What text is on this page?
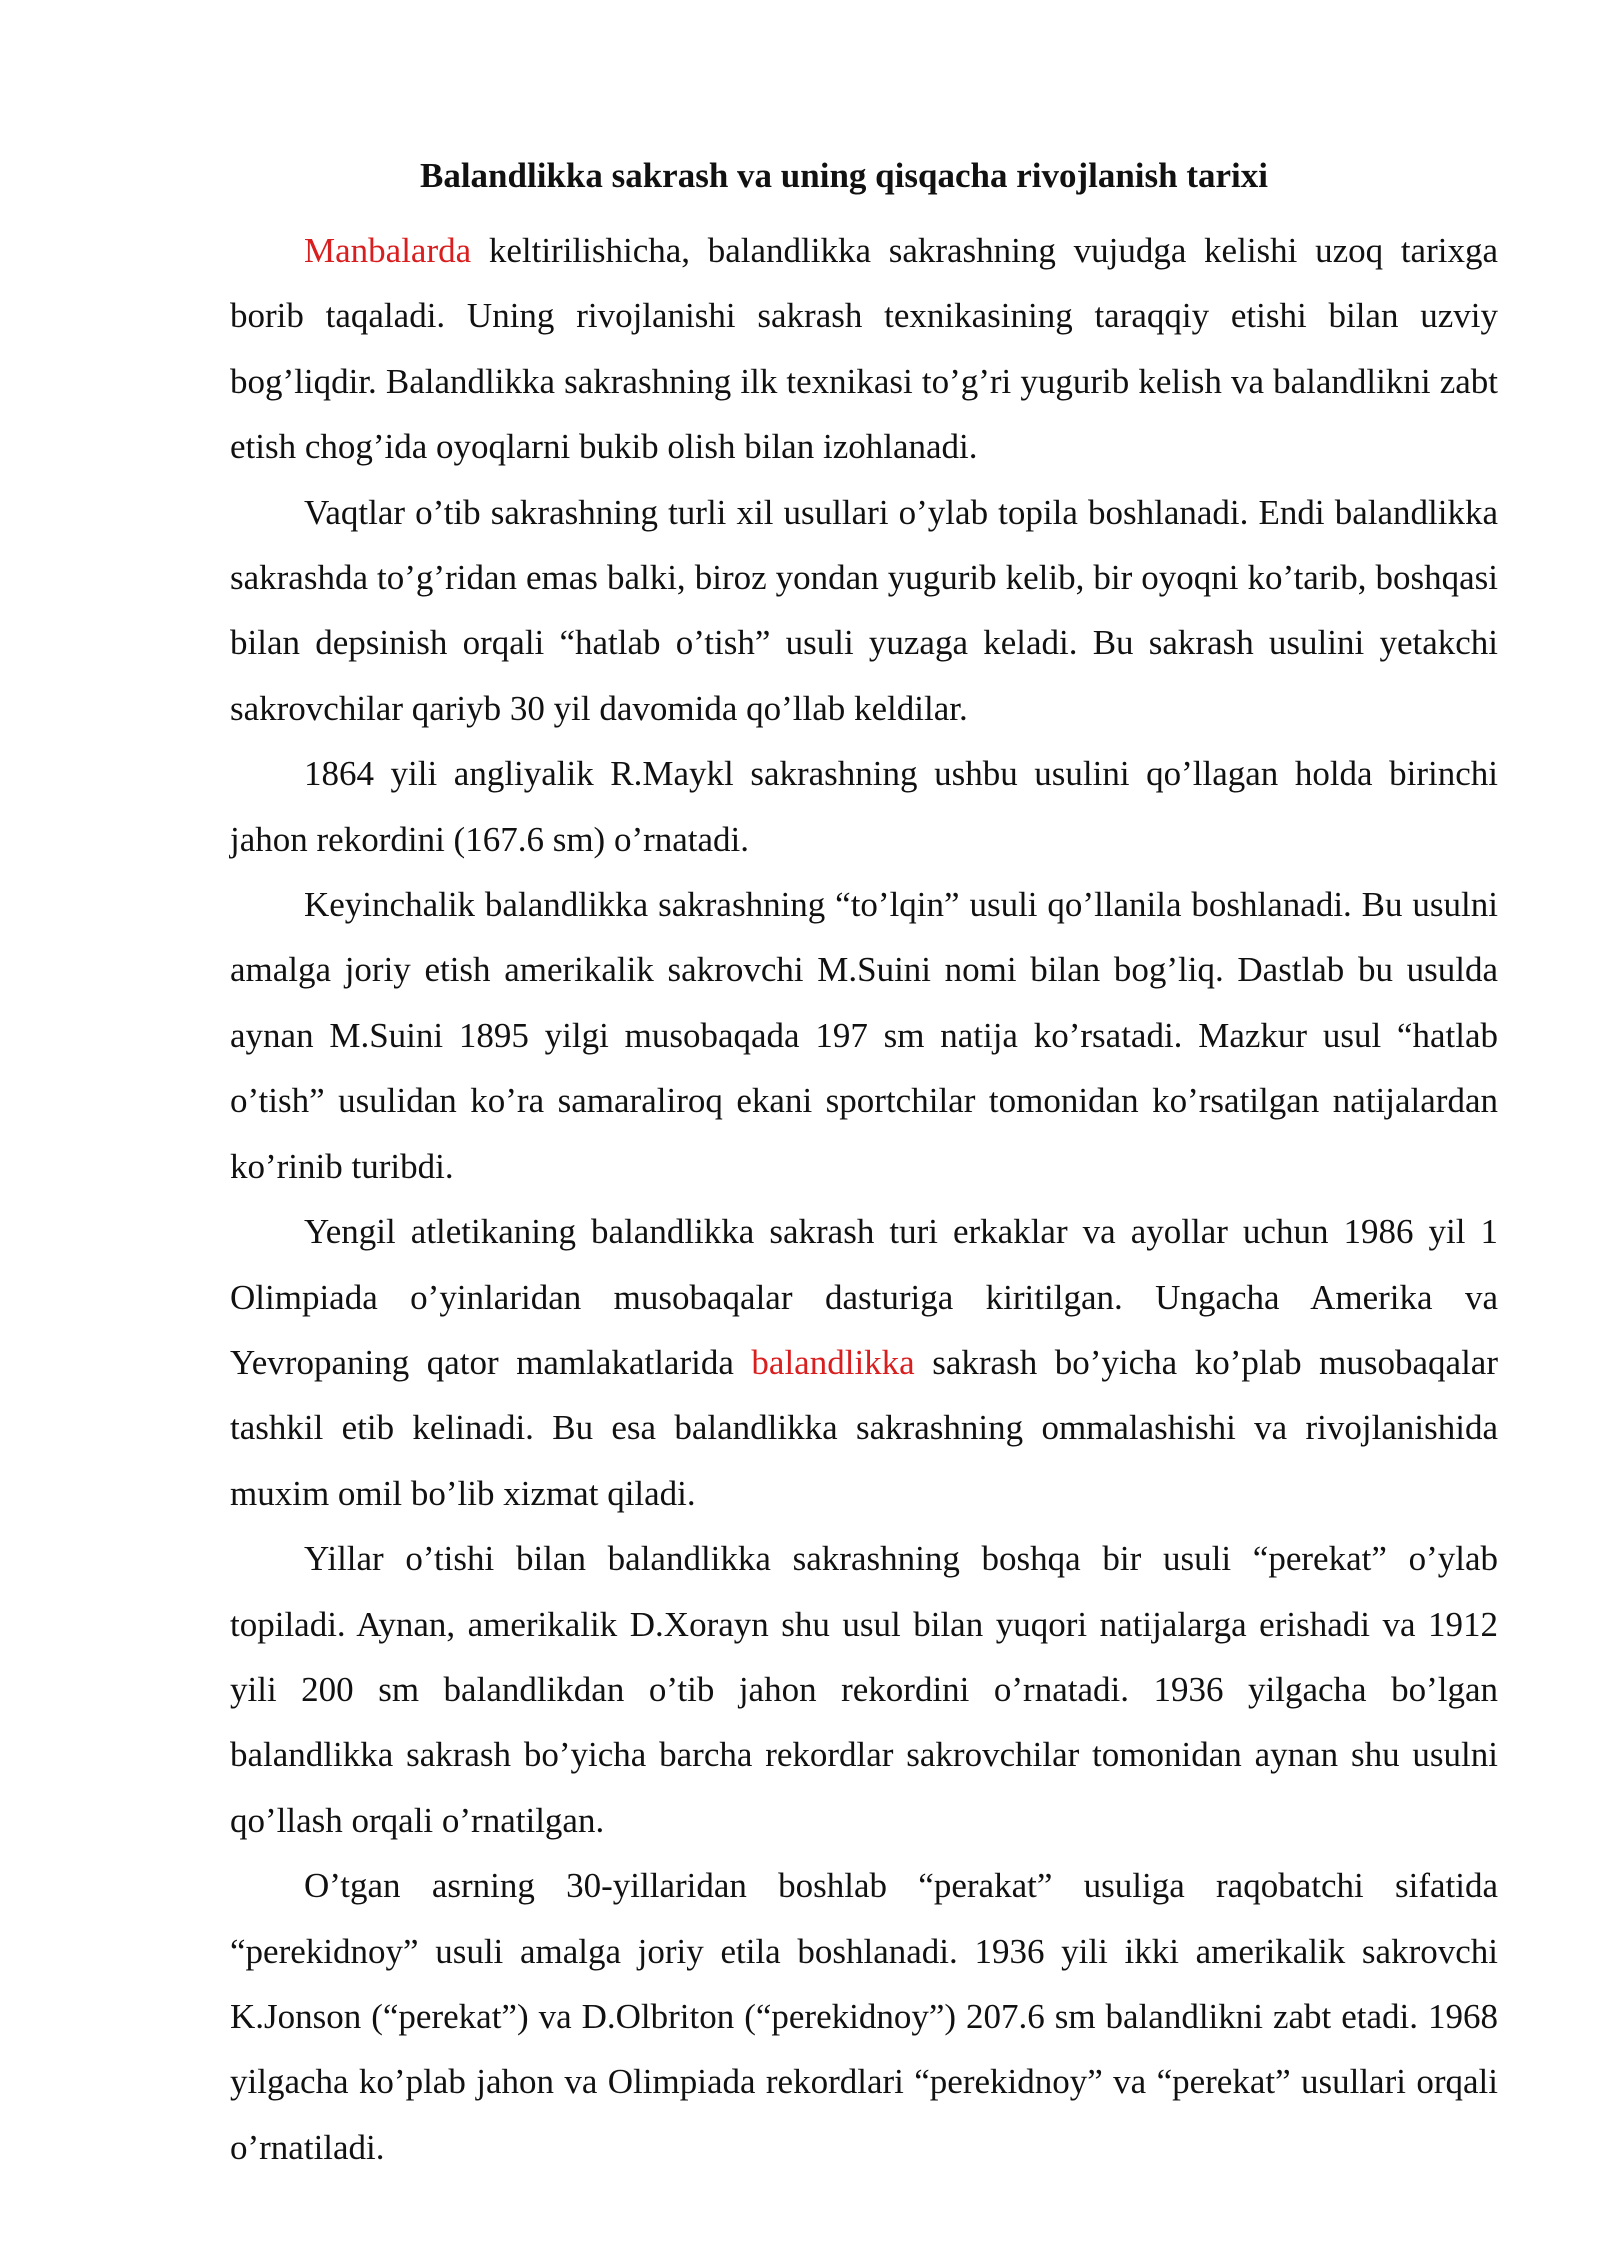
Balandlikka sakrash va uning qisqacha rivojlanish tarixi

Manbalarda keltirilishicha, balandlikka sakrashning vujudga kelishi uzoq tarixga borib taqaladi. Uning rivojlanishi sakrash texnikasining taraqqiy etishi bilan uzviy bog’liqdir. Balandlikka sakrashning ilk texnikasi to’g’ri yugurib kelish va balandlikni zabt etish chog’ida oyoqlarni bukib olish bilan izohlanadi.

Vaqtlar o’tib sakrashning turli xil usullari o’ylab topila boshlanadi. Endi balandlikka sakrashda to’g’ridan emas balki, biroz yondan yugurib kelib, bir oyoqni ko’tarib, boshqasi bilan depsinish orqali “hatlab o’tish” usuli yuzaga keladi. Bu sakrash usulini yetakchi sakrovchilar qariyb 30 yil davomida qo’llab keldilar.

1864 yili angliyalik R.Maykl sakrashning ushbu usulini qo’llagan holda birinchi jahon rekordini (167.6 sm) o’rnatadi.

Keyinchalik balandlikka sakrashning “to’lqin” usuli qo’llanila boshlanadi. Bu usulni amalga joriy etish amerikalik sakrovchi M.Suini nomi bilan bog’liq. Dastlab bu usulda aynan M.Suini 1895 yilgi musobaqada 197 sm natija ko’rsatadi. Mazkur usul “hatlab o’tish” usulidan ko’ra samaraliroq ekani sportchilar tomonidan ko’rsatilgan natijalardan ko’rinib turibdi.

Yengil atletikaning balandlikka sakrash turi erkaklar va ayollar uchun 1986 yil 1 Olimpiada o’yinlaridan musobaqalar dasturiga kiritilgan. Ungacha Amerika va Yevropaning qator mamlakatlarida balandlikka sakrash bo’yicha ko’plab musobaqalar tashkil etib kelinadi. Bu esa balandlikka sakrashning ommalashishi va rivojlanishida muxim omil bo’lib xizmat qiladi.

Yillar o’tishi bilan balandlikka sakrashning boshqa bir usuli “perekat” o’ylab topiladi. Aynan, amerikalik D.Xorayn shu usul bilan yuqori natijalarga erishadi va 1912 yili 200 sm balandlikdan o’tib jahon rekordini o’rnatadi. 1936 yilgacha bo’lgan balandlikka sakrash bo’yicha barcha rekordlar sakrovchilar tomonidan aynan shu usulni qo’llash orqali o’rnatilgan.

O’tgan asrning 30-yillaridan boshlab “perakat” usuliga raqobatchi sifatida “perekidnoy” usuli amalga joriy etila boshlanadi. 1936 yili ikki amerikalik sakrovchi K.Jonson (“perekat”) va D.Olbriton (“perekidnoy”) 207.6 sm balandlikni zabt etadi. 1968 yilgacha ko’plab jahon va Olimpiada rekordlari “perekidnoy” va “perekat” usullari orqali o’rnatiladi.
